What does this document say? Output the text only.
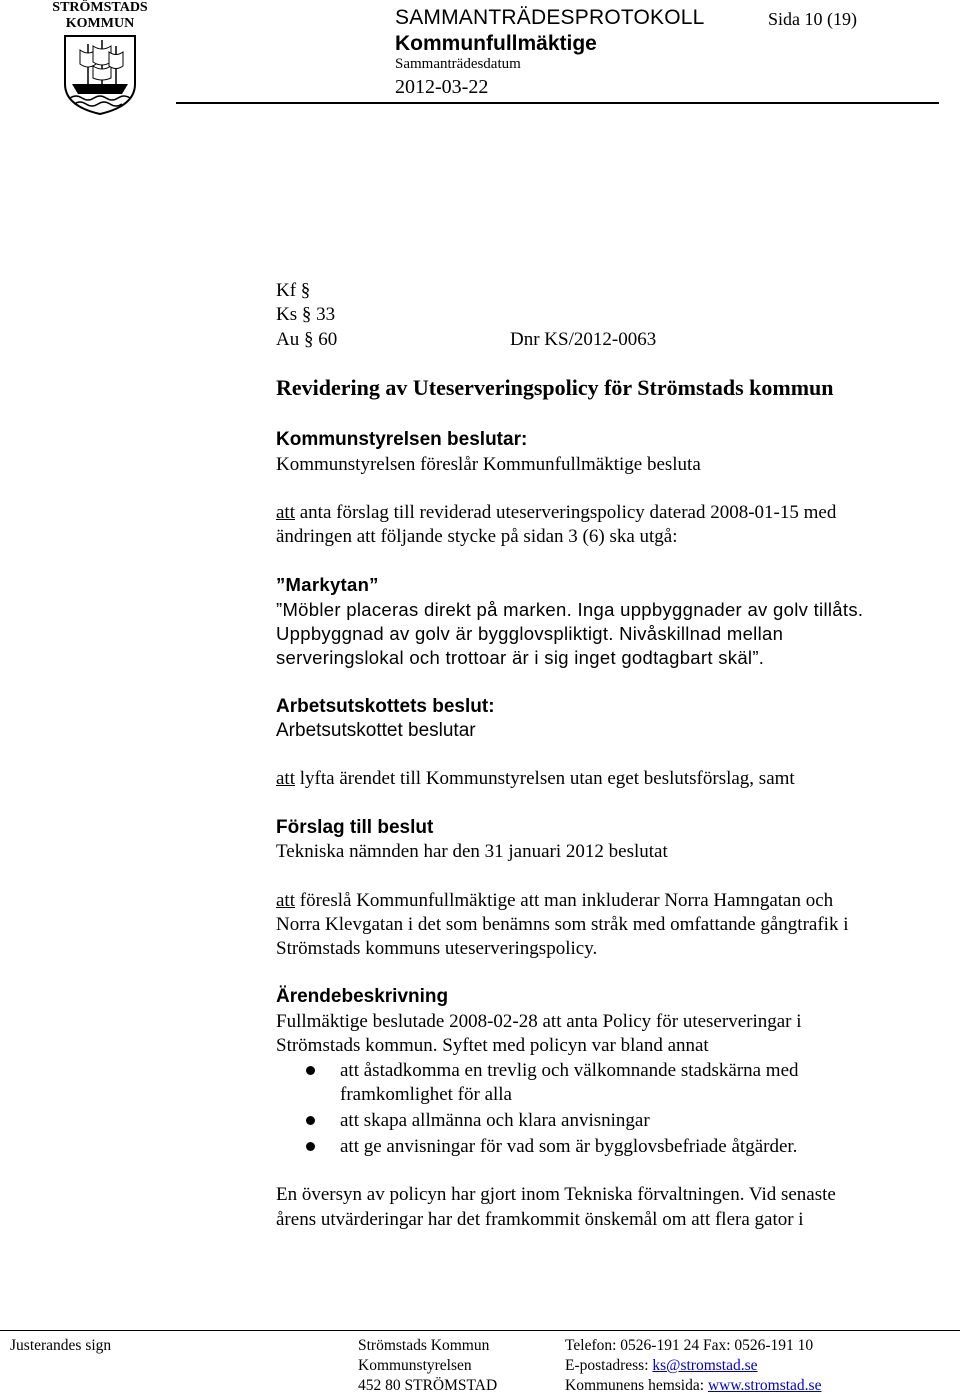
STRÖMSTADS
KOMMUN	SAMMANTRÄDESPROTOKOLL	Sida 10 (19)
Kommunfullmäktige
Sammanträdesdatum
2012-03-22
Kf §
Ks § 33
Au § 60	Dnr KS/2012-0063
Revidering av Uteserveringspolicy för Strömstads kommun
Kommunstyrelsen beslutar:
Kommunstyrelsen föreslår Kommunfullmäktige besluta
att anta förslag till reviderad uteserveringspolicy daterad 2008-01-15 med
ändringen att följande stycke på sidan 3 (6) ska utgå:
”Markytan”
”Möbler placeras direkt på marken. Inga uppbyggnader av golv tillåts.
Uppbyggnad av golv är bygglovspliktigt. Nivåskillnad mellan
serveringslokal och trottoar är i sig inget godtagbart skäl”.
Arbetsutskottets beslut:
Arbetsutskottet beslutar
att lyfta ärendet till Kommunstyrelsen utan eget beslutsförslag, samt
Förslag till beslut
Tekniska nämnden har den 31 januari 2012 beslutat
att föreslå Kommunfullmäktige att man inkluderar Norra Hamngatan och
Norra Klevgatan i det som benämns som stråk med omfattande gångtrafik i
Strömstads kommuns uteserveringspolicy.
Ärendebeskrivning
Fullmäktige beslutade 2008-02-28 att anta Policy för uteserveringar i
Strömstads kommun. Syftet med policyn var bland annat
att åstadkomma en trevlig och välkomnande stadskärna med
framkomlighet för alla
att skapa allmänna och klara anvisningar
att ge anvisningar för vad som är bygglovsbefriade åtgärder.
En översyn av policyn har gjort inom Tekniska förvaltningen. Vid senaste
årens utvärderingar har det framkommit önskemål om att flera gator i
Justerandes sign	Strömstads Kommun
Kommunstyrelsen
452 80 STRÖMSTAD
Telefon: 0526-191 24 Fax: 0526-191 10
E-postadress: ks@stromstad.se
Kommunens hemsida: www.stromstad.se
